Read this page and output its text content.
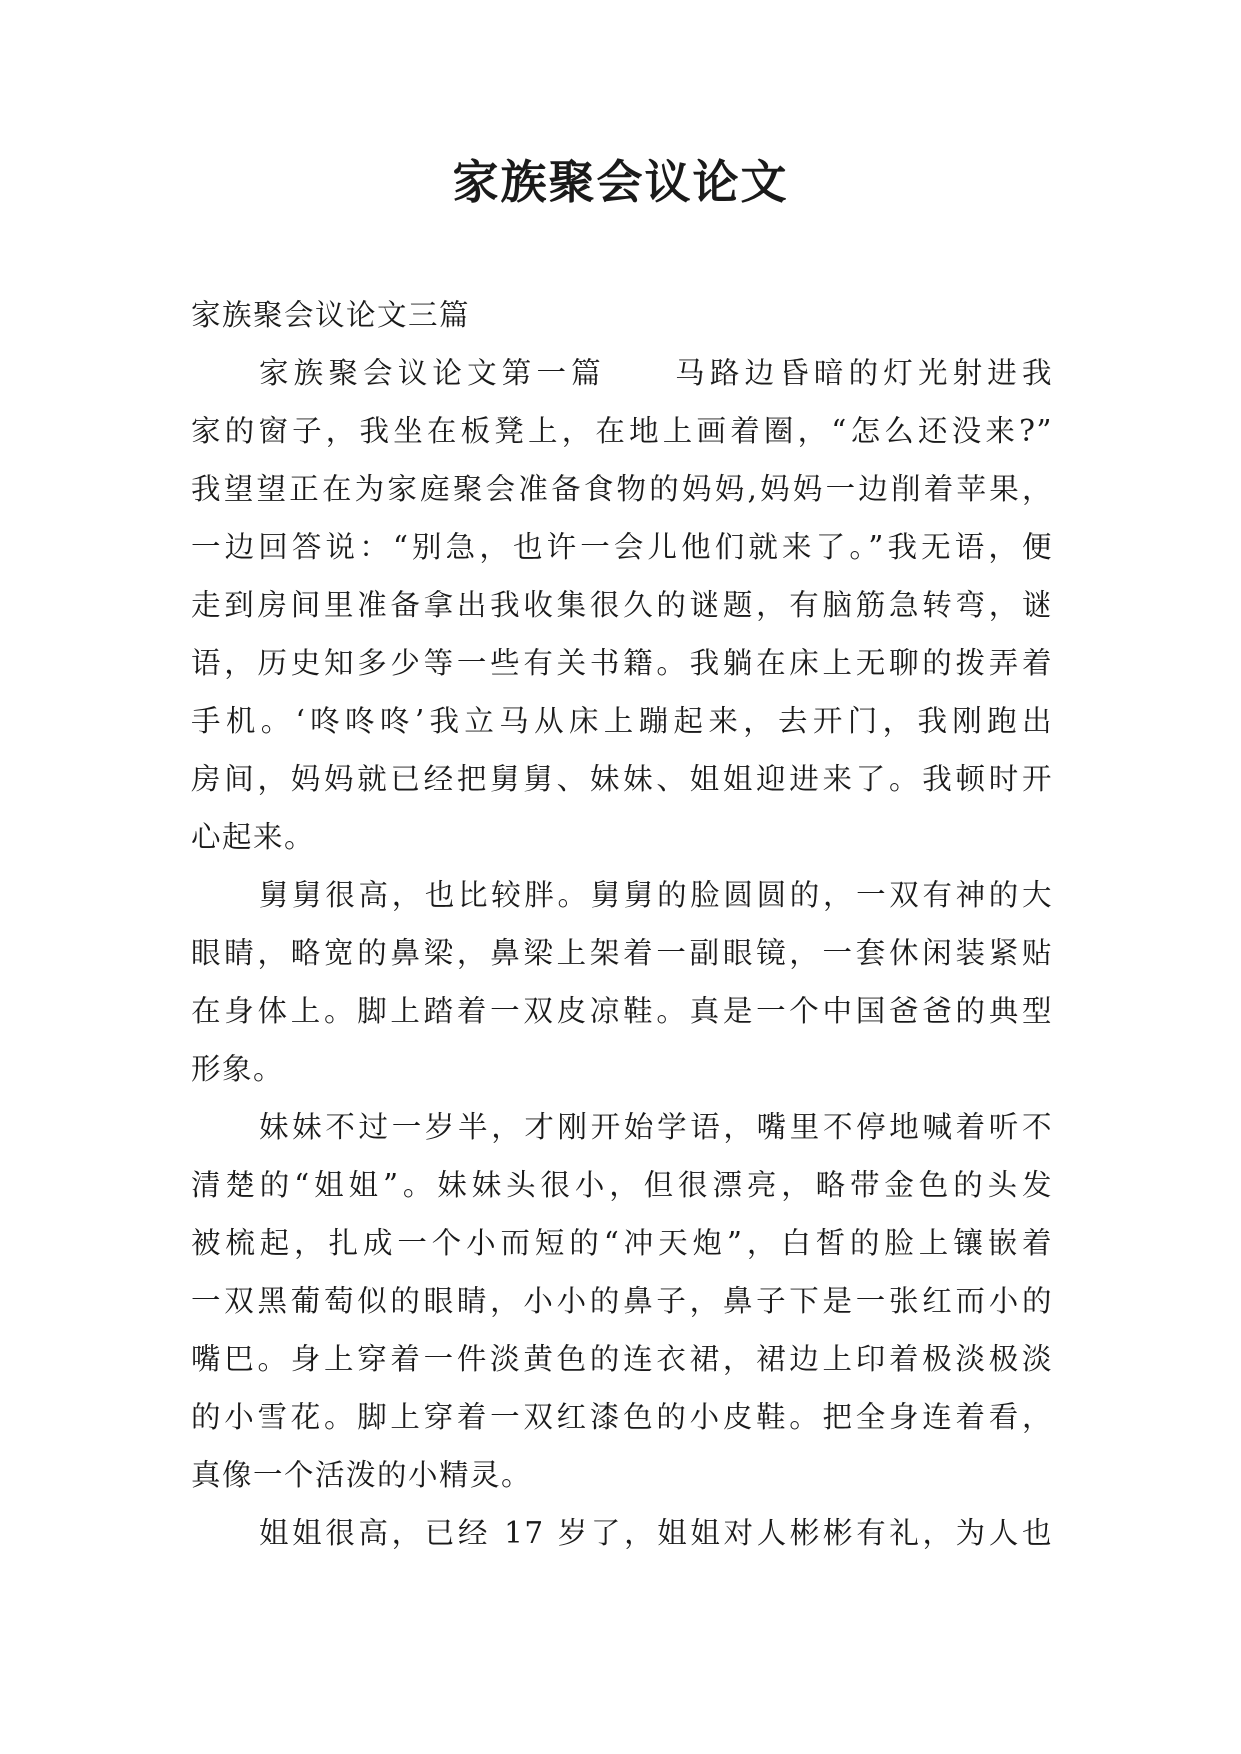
家族聚会议论文

家族聚会议论文三篇

家族聚会议论文第一篇　　马路边昏暗的灯光射进我

家的窗子，我坐在板凳上，在地上画着圈，“怎么还没来?”

我望望正在为家庭聚会准备食物的妈妈,妈妈一边削着苹果，

一边回答说：“别急，也许一会儿他们就来了。”我无语，便

走到房间里准备拿出我收集很久的谜题，有脑筋急转弯，谜

语，历史知多少等一些有关书籍。我躺在床上无聊的拨弄着

手机。‘咚咚咚’我立马从床上蹦起来，去开门，我刚跑出

房间，妈妈就已经把舅舅、妹妹、姐姐迎进来了。我顿时开

心起来。

舅舅很高，也比较胖。舅舅的脸圆圆的，一双有神的大

眼睛，略宽的鼻梁，鼻梁上架着一副眼镜，一套休闲装紧贴

在身体上。脚上踏着一双皮凉鞋。真是一个中国爸爸的典型

形象。

妹妹不过一岁半，才刚开始学语，嘴里不停地喊着听不

清楚的“姐姐”。妹妹头很小，但很漂亮，略带金色的头发

被梳起，扎成一个小而短的“冲天炮”，白皙的脸上镶嵌着

一双黑葡萄似的眼睛，小小的鼻子，鼻子下是一张红而小的

嘴巴。身上穿着一件淡黄色的连衣裙，裙边上印着极淡极淡

的小雪花。脚上穿着一双红漆色的小皮鞋。把全身连着看，

真像一个活泼的小精灵。

姐姐很高，已经 17 岁了，姐姐对人彬彬有礼，为人也
